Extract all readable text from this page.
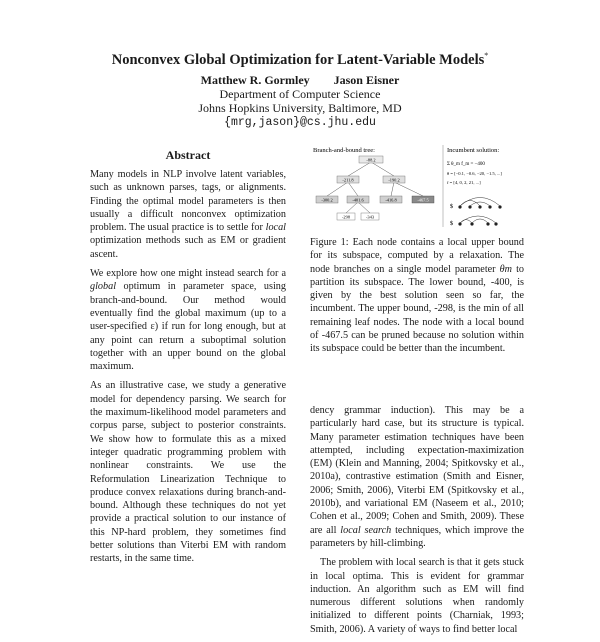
Nonconvex Global Optimization for Latent-Variable Models*
Matthew R. Gormley Jason Eisner
Department of Computer Science
Johns Hopkins University, Baltimore, MD
{mrg,jason}@cs.jhu.edu
Abstract

Many models in NLP involve latent variables, such as unknown parses, tags, or alignments. Finding the optimal model parameters is then usually a difficult nonconvex optimization problem. The usual practice is to settle for local optimization methods such as EM or gradient ascent.

We explore how one might instead search for a global optimum in parameter space, using branch-and-bound. Our method would eventually find the global maximum (up to a user-specified ε) if run for long enough, but at any point can return a suboptimal solution together with an upper bound on the global maximum.

As an illustrative case, we study a generative model for dependency parsing. We search for the maximum-likelihood model parameters and corpus parse, subject to posterior constraints. We show how to formulate this as a mixed integer quadratic programming problem with nonlinear constraints. We use the Reformulation Linearization Technique to produce convex relaxations during branch-and-bound. Although these techniques do not yet provide a practical solution to our instance of this NP-hard problem, they sometimes find better solutions than Viterbi EM with random restarts, in the same time.

Branch-and-bound tree:	Incumbent solution:
-88.2
-211.8	-190.2
-300.2	-401.6	-416.8	-467.5
-298	-343
Σ θ_m f_m = −400
θ = [−0.1, −0.6, −20, −1.5, ...]
f = [4, 0, 2, 21, ...]
$
$
Figure 1: Each node contains a local upper bound for its subspace, computed by a relaxation. The node branches on a single model parameter θm to partition its subspace. The lower bound, -400, is given by the best solution seen so far, the incumbent. The upper bound, -298, is the min of all remaining leaf nodes. The node with a local bound of -467.5 can be pruned because no solution within its subspace could be better than the incumbent.

dency grammar induction). This may be a particularly hard case, but its structure is typical. Many parameter estimation techniques have been attempted, including expectation-maximization (EM) (Klein and Manning, 2004; Spitkovsky et al., 2010a), contrastive estimation (Smith and Eisner, 2006; Smith, 2006), Viterbi EM (Spitkovsky et al., 2010b), and variational EM (Naseem et al., 2010; Cohen et al., 2009; Cohen and Smith, 2009). These are all local search techniques, which improve the parameters by hill-climbing.

The problem with local search is that it gets stuck in local optima. This is evident for grammar induction. An algorithm such as EM will find numerous different solutions when randomly initialized to different points (Charniak, 1993; Smith, 2006). A variety of ways to find better local
